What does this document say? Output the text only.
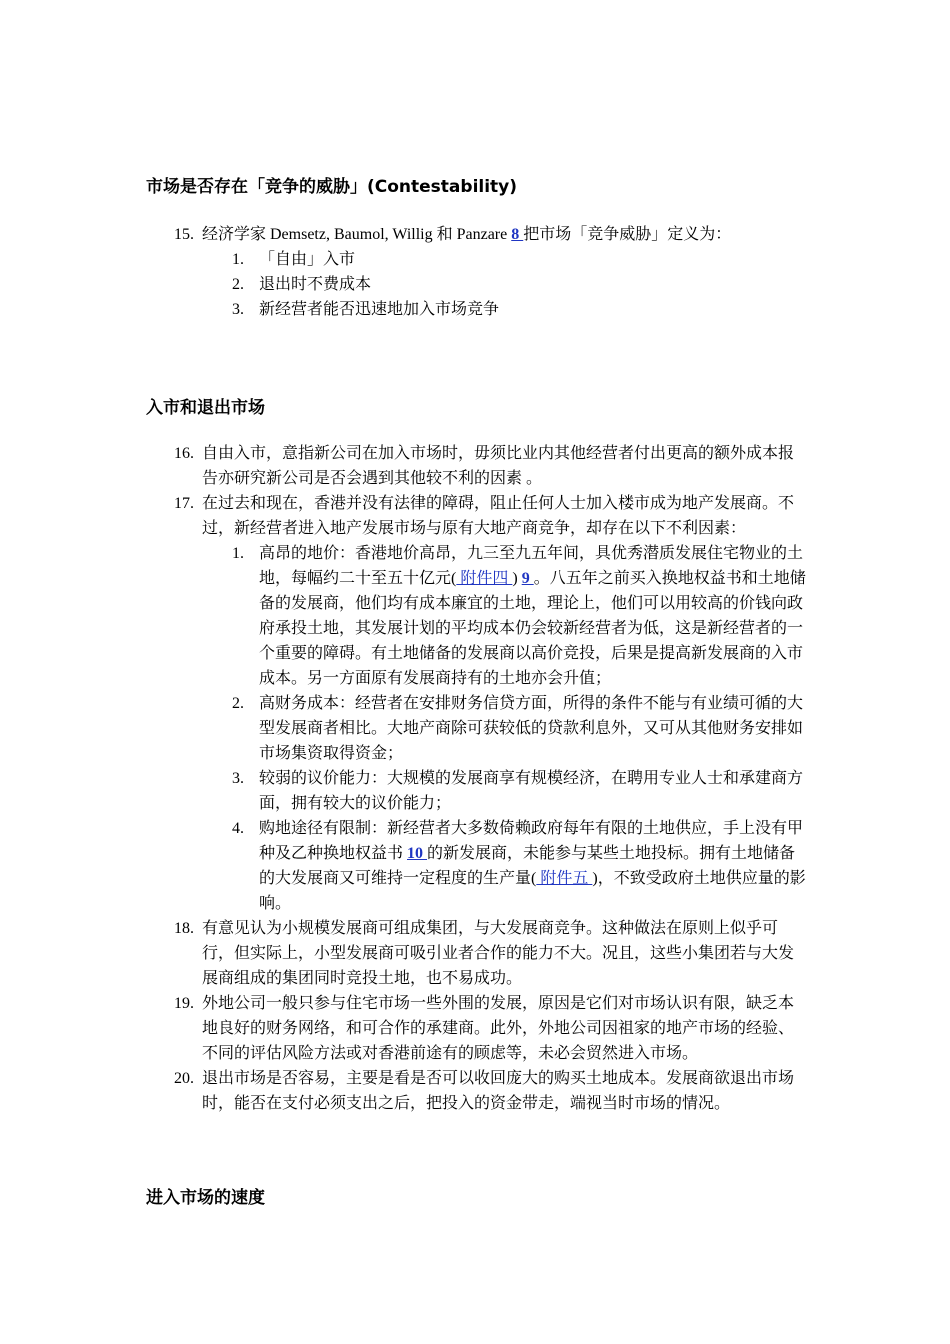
市场是否存在「竞争的威胁」(Contestability)
15. 经济学家 Demsetz, Baumol, Willig 和 Panzare 8 把市场「竞争威胁」定义为：
1. 「自由」入市
2. 退出时不费成本
3. 新经营者能否迅速地加入市场竞争
入市和退出市场
16. 自由入市，意指新公司在加入市场时，毋须比业内其他经营者付出更高的额外成本报告亦研究新公司是否会遇到其他较不利的因素 。
17. 在过去和现在，香港并没有法律的障碍，阻止任何人士加入楼市成为地产发展商。不过，新经营者进入地产发展市场与原有大地产商竞争，却存在以下不利因素：
1. 高昂的地价：香港地价高昂，九三至九五年间，具优秀潜质发展住宅物业的土地，每幅约二十至五十亿元( 附件四 ) 9 。八五年之前买入换地权益书和土地储备的发展商，他们均有成本廉宜的土地，理论上，他们可以用较高的价钱向政府承投土地，其发展计划的平均成本仍会较新经营者为低，这是新经营者的一个重要的障碍。有土地储备的发展商以高价竞投，后果是提高新发展商的入市成本。另一方面原有发展商持有的土地亦会升值；
2. 高财务成本：经营者在安排财务信贷方面，所得的条件不能与有业绩可循的大型发展商者相比。大地产商除可获较低的贷款利息外，又可从其他财务安排如市场集资取得资金；
3. 较弱的议价能力：大规模的发展商享有规模经济，在聘用专业人士和承建商方面，拥有较大的议价能力；
4. 购地途径有限制：新经营者大多数倚赖政府每年有限的土地供应，手上没有甲种及乙种换地权益书 10 的新发展商，未能参与某些土地投标。拥有土地储备的大发展商又可维持一定程度的生产量( 附件五 )，不致受政府土地供应量的影响。
18. 有意见认为小规模发展商可组成集团，与大发展商竞争。这种做法在原则上似乎可行，但实际上，小型发展商可吸引业者合作的能力不大。况且，这些小集团若与大发展商组成的集团同时竞投土地，也不易成功。
19. 外地公司一般只参与住宅市场一些外围的发展，原因是它们对市场认识有限，缺乏本地良好的财务网络，和可合作的承建商。此外，外地公司因祖家的地产市场的经验、不同的评估风险方法或对香港前途有的顾虑等，未必会贸然进入市场。
20. 退出市场是否容易，主要是看是否可以收回庞大的购买土地成本。发展商欲退出市场时，能否在支付必须支出之后，把投入的资金带走，端视当时市场的情况。
进入市场的速度
